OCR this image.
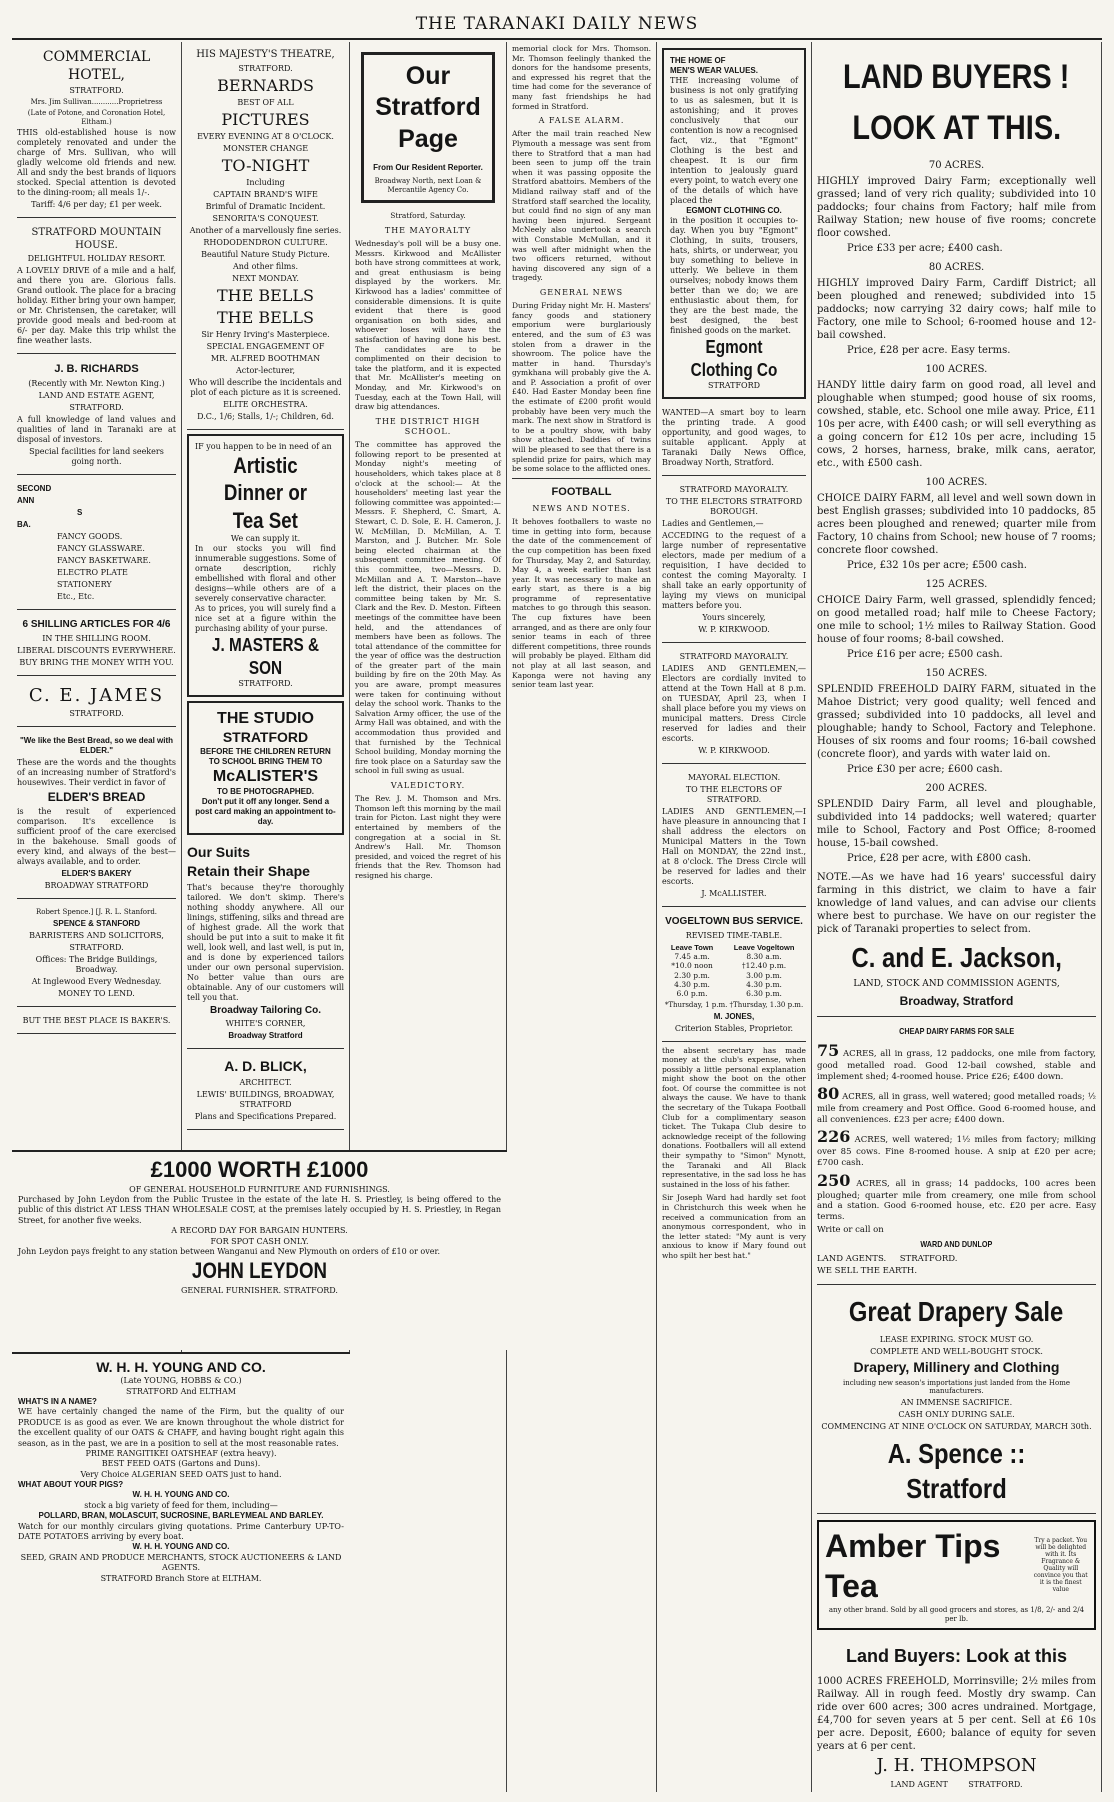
THE TARANAKI DAILY NEWS

COMMERCIAL HOTEL,

STRATFORD.

Mrs. Jim Sullivan............Proprietress

(Late of Potone, and Coronation Hotel, Eltham.)

THIS old-established house is now completely renovated and under the charge of Mrs. Sullivan, who will gladly welcome old friends and new. All and sndy the best brands of liquors stocked. Special attention is devoted to the dining-room; all meals 1/-.

Tariff: 4/6 per day; £1 per week.

STRATFORD MOUNTAIN HOUSE.

DELIGHTFUL HOLIDAY RESORT.

A LOVELY DRIVE of a mile and a half, and there you are. Glorious falls. Grand outlook. The place for a bracing holiday. Either bring your own hamper, or Mr. Christensen, the caretaker, will provide good meals and bed-room at 6/- per day. Make this trip whilst the fine weather lasts.

J. B. RICHARDS

(Recently with Mr. Newton King.)

LAND AND ESTATE AGENT,

STRATFORD.

A full knowledge of land values and qualities of land in Taranaki are at disposal of investors.

Special facilities for land seekers going north.

SECOND

ANN

S

BA.

FANCY GOODS.

FANCY GLASSWARE.

FANCY BASKETWARE.

ELECTRO PLATE

STATIONERY

Etc., Etc.

6 SHILLING ARTICLES FOR 4/6

IN THE SHILLING ROOM.

LIBERAL DISCOUNTS EVERYWHERE.

BUY BRING THE MONEY WITH YOU.

C. E. JAMES

STRATFORD.

"We like the Best Bread, so we deal with ELDER."

These are the words and the thoughts of an increasing number of Stratford's housewives. Their verdict in favor of

ELDER'S BREAD

is the result of experienced comparison. It's excellence is sufficient proof of the care exercised in the bakehouse. Small goods of every kind, and always of the best—always available, and to order.

ELDER'S BAKERY

BROADWAY STRATFORD

Robert Spence.] [J. R. L. Stanford.

SPENCE & STANFORD

BARRISTERS AND SOLICITORS,

STRATFORD.

Offices: The Bridge Buildings, Broadway.

At Inglewood Every Wednesday.

MONEY TO LEND.

BUT THE BEST PLACE IS BAKER'S.

HIS MAJESTY'S THEATRE,

STRATFORD.

BERNARDS

BEST OF ALL

PICTURES

EVERY EVENING AT 8 O'CLOCK.

MONSTER CHANGE

TO-NIGHT

Including

CAPTAIN BRAND'S WIFE

Brimful of Dramatic Incident.

SENORITA'S CONQUEST.

Another of a marvellously fine series.

RHODODENDRON CULTURE.

Beautiful Nature Study Picture.

And other films.

NEXT MONDAY.

THE BELLS

THE BELLS

Sir Henry Irving's Masterpiece.

SPECIAL ENGAGEMENT OF

MR. ALFRED BOOTHMAN

Actor-lecturer,

Who will describe the incidentals and plot of each picture as it is screened.

ELITE ORCHESTRA.

D.C., 1/6; Stalls, 1/-; Children, 6d.

IF you happen to be in need of an

Artistic Dinner or

Tea Set

We can supply it.

In our stocks you will find innumerable suggestions. Some of ornate description, richly embellished with floral and other designs—while others are of a severely conservative character.

As to prices, you will surely find a nice set at a figure within the purchasing ability of your purse.

J. MASTERS & SON

STRATFORD.

THE STUDIO

STRATFORD

BEFORE THE CHILDREN RETURN TO SCHOOL BRING THEM TO

McALISTER'S

TO BE PHOTOGRAPHED.

Don't put it off any longer. Send a post card making an appointment to-day.

Our Suits

Retain their Shape

That's because they're thoroughly tailored. We don't skimp. There's nothing shoddy anywhere. All our linings, stiffening, silks and thread are of highest grade. All the work that should be put into a suit to make it fit well, look well, and last well, is put in, and is done by experienced tailors under our own personal supervision. No better value than ours are obtainable. Any of our customers will tell you that.

Broadway Tailoring Co.

WHITE'S CORNER,

Broadway Stratford

A. D. BLICK,

ARCHITECT.

LEWIS' BUILDINGS, BROADWAY, STRATFORD

Plans and Specifications Prepared.

Our Stratford Page

From Our Resident Reporter.

Broadway North, next Loan & Mercantile Agency Co.

Stratford, Saturday.

THE MAYORALTY

Wednesday's poll will be a busy one. Messrs. Kirkwood and McAllister both have strong committees at work, and great enthusiasm is being displayed by the workers. Mr. Kirkwood has a ladies' committee of considerable dimensions. It is quite evident that there is good organisation on both sides, and whoever loses will have the satisfaction of having done his best. The candidates are to be complimented on their decision to take the platform, and it is expected that Mr. McAllister's meeting on Monday, and Mr. Kirkwood's on Tuesday, each at the Town Hall, will draw big attendances.

THE DISTRICT HIGH SCHOOL.

The committee has approved the following report to be presented at Monday night's meeting of householders, which takes place at 8 o'clock at the school:— At the householders' meeting last year the following committee was appointed:—Messrs. F. Shepherd, C. Smart, A. Stewart, C. D. Sole, E. H. Cameron, J. W. McMillan, D. McMillan, A. T. Marston, and J. Butcher. Mr. Sole being elected chairman at the subsequent committee meeting. Of this committee, two—Messrs. D. McMillan and A. T. Marston—have left the district, their places on the committee being taken by Mr. S. Clark and the Rev. D. Meston. Fifteen meetings of the committee have been held, and the attendances of members have been as follows. The total attendance of the committee for the year of office was the destruction of the greater part of the main building by fire on the 20th May. As you are aware, prompt measures were taken for continuing without delay the school work. Thanks to the Salvation Army officer, the use of the Army Hall was obtained, and with the accommodation thus provided and that furnished by the Technical School building, Monday morning the fire took place on a Saturday saw the school in full swing as usual.

VALEDICTORY.

The Rev. J. M. Thomson and Mrs. Thomson left this morning by the mail train for Picton. Last night they were entertained by members of the congregation at a social in St. Andrew's Hall. Mr. Thomson presided, and voiced the regret of his friends that the Rev. Thomson had resigned his charge.

memorial clock for Mrs. Thomson. Mr. Thomson feelingly thanked the donors for the handsome presents, and expressed his regret that the time had come for the severance of many fast friendships he had formed in Stratford.

A FALSE ALARM.

After the mail train reached New Plymouth a message was sent from there to Stratford that a man had been seen to jump off the train when it was passing opposite the Stratford abattoirs. Members of the Midland railway staff and of the Stratford staff searched the locality, but could find no sign of any man having been injured. Sergeant McNeely also undertook a search with Constable McMullan, and it was well after midnight when the two officers returned, without having discovered any sign of a tragedy.

GENERAL NEWS

During Friday night Mr. H. Masters' fancy goods and stationery emporium were burglariously entered, and the sum of £3 was stolen from a drawer in the showroom. The police have the matter in hand. Thursday's gymkhana will probably give the A. and P. Association a profit of over £40. Had Easter Monday been fine the estimate of £200 profit would probably have been very much the mark. The next show in Stratford is to be a poultry show, with baby show attached. Daddies of twins will be pleased to see that there is a splendid prize for pairs, which may be some solace to the afflicted ones.

FOOTBALL

NEWS AND NOTES.

It behoves footballers to waste no time in getting into form, because the date of the commencement of the cup competition has been fixed for Thursday, May 2, and Saturday, May 4, a week earlier than last year. It was necessary to make an early start, as there is a big programme of representative matches to go through this season. The cup fixtures have been arranged, and as there are only four senior teams in each of three different competitions, three rounds will probably be played. Eltham did not play at all last season, and Kaponga were not having any senior team last year.

THE HOME OF

MEN'S WEAR VALUES.

THE increasing volume of business is not only gratifying to us as salesmen, but it is astonishing; and it proves conclusively that our contention is now a recognised fact, viz., that "Egmont" Clothing is the best and cheapest. It is our firm intention to jealously guard every point, to watch every one of the details of which have placed the

EGMONT CLOTHING CO.

in the position it occupies to-day. When you buy "Egmont" Clothing, in suits, trousers, hats, shirts, or underwear, you buy something to believe in utterly. We believe in them ourselves; nobody knows them better than we do; we are enthusiastic about them, for they are the best made, the best designed, the best finished goods on the market.

Egmont Clothing Co

STRATFORD

WANTED—A smart boy to learn the printing trade. A good opportunity, and good wages, to suitable applicant. Apply at Taranaki Daily News Office, Broadway North, Stratford.

STRATFORD MAYORALTY.

TO THE ELECTORS STRATFORD BOROUGH.

Ladies and Gentlemen,—

ACCEDING to the request of a large number of representative electors, made per medium of a requisition, I have decided to contest the coming Mayoralty. I shall take an early opportunity of laying my views on municipal matters before you.

Yours sincerely,

W. P. KIRKWOOD.

STRATFORD MAYORALTY.

LADIES AND GENTLEMEN,—Electors are cordially invited to attend at the Town Hall at 8 p.m. on TUESDAY, April 23, when I shall place before you my views on municipal matters. Dress Circle reserved for ladies and their escorts.

W. P. KIRKWOOD.

MAYORAL ELECTION.

TO THE ELECTORS OF STRATFORD.

LADIES AND GENTLEMEN,—I have pleasure in announcing that I shall address the electors on Municipal Matters in the Town Hall on MONDAY, the 22nd inst., at 8 o'clock. The Dress Circle will be reserved for ladies and their escorts.

J. McALLISTER.

VOGELTOWN BUS SERVICE.

REVISED TIME-TABLE.

Leave Town	Leave Vogeltown
7.45 a.m.	8.30 a.m.
*10.0 noon	†12.40 p.m.
2.30 p.m.	3.00 p.m.
4.30 p.m.	4.30 p.m.
6.0 p.m.	6.30 p.m.

*Thursday, 1 p.m. †Thursday, 1.30 p.m.

M. JONES,

Criterion Stables, Proprietor.

the absent secretary has made money at the club's expense, when possibly a little personal explanation might show the boot on the other foot. Of course the committee is not always the cause. We have to thank the secretary of the Tukapa Football Club for a complimentary season ticket. The Tukapa Club desire to acknowledge receipt of the following donations. Footballers will all extend their sympathy to "Simon" Mynott, the Taranaki and All Black representative, in the sad loss he has sustained in the loss of his father.

Sir Joseph Ward had hardly set foot in Christchurch this week when he received a communication from an anonymous correspondent, who in the letter stated: "My aunt is very anxious to know if Mary found out who spilt her best hat."

LAND BUYERS !

LOOK AT THIS.

70 ACRES.

HIGHLY improved Dairy Farm; exceptionally well grassed; land of very rich quality; subdivided into 10 paddocks; four chains from Factory; half mile from Railway Station; new house of five rooms; concrete floor cowshed.

Price £33 per acre; £400 cash.

80 ACRES.

HIGHLY improved Dairy Farm, Cardiff District; all been ploughed and renewed; subdivided into 15 paddocks; now carrying 32 dairy cows; half mile to Factory, one mile to School; 6-roomed house and 12-bail cowshed.

Price, £28 per acre. Easy terms.

100 ACRES.

HANDY little dairy farm on good road, all level and ploughable when stumped; good house of six rooms, cowshed, stable, etc. School one mile away. Price, £11 10s per acre, with £400 cash; or will sell everything as a going concern for £12 10s per acre, including 15 cows, 2 horses, harness, brake, milk cans, aerator, etc., with £500 cash.

100 ACRES.

CHOICE DAIRY FARM, all level and well sown down in best English grasses; subdivided into 10 paddocks, 85 acres been ploughed and renewed; quarter mile from Factory, 10 chains from School; new house of 7 rooms; concrete floor cowshed.

Price, £32 10s per acre; £500 cash.

125 ACRES.

CHOICE Dairy Farm, well grassed, splendidly fenced; on good metalled road; half mile to Cheese Factory; one mile to school; 1½ miles to Railway Station. Good house of four rooms; 8-bail cowshed.

Price £16 per acre; £500 cash.

150 ACRES.

SPLENDID FREEHOLD DAIRY FARM, situated in the Mahoe District; very good quality; well fenced and grassed; subdivided into 10 paddocks, all level and ploughable; handy to School, Factory and Telephone. Houses of six rooms and four rooms; 16-bail cowshed (concrete floor), and yards with water laid on.

Price £30 per acre; £600 cash.

200 ACRES.

SPLENDID Dairy Farm, all level and ploughable, subdivided into 14 paddocks; well watered; quarter mile to School, Factory and Post Office; 8-roomed house, 15-bail cowshed.

Price, £28 per acre, with £800 cash.

NOTE.—As we have had 16 years' successful dairy farming in this district, we claim to have a fair knowledge of land values, and can advise our clients where best to purchase. We have on our register the pick of Taranaki properties to select from.

C. and E. Jackson,

LAND, STOCK AND COMMISSION AGENTS,

Broadway, Stratford

CHEAP DAIRY FARMS FOR SALE

75 ACRES, all in grass, 12 paddocks, one mile from factory, good metalled road. Good 12-bail cowshed, stable and implement shed; 4-roomed house. Price £26; £400 down.

80 ACRES, all in grass, well watered; good metalled roads; ½ mile from creamery and Post Office. Good 6-roomed house, and all conveniences. £23 per acre; £400 down.

226 ACRES, well watered; 1½ miles from factory; milking over 85 cows. Fine 8-roomed house. A snip at £20 per acre; £700 cash.

250 ACRES, all in grass; 14 paddocks, 100 acres been ploughed; quarter mile from creamery, one mile from school and a station. Good 6-roomed house, etc. £20 per acre. Easy terms.

Write or call on

WARD AND DUNLOP

LAND AGENTS. STRATFORD.

WE SELL THE EARTH.

Great Drapery Sale

LEASE EXPIRING. STOCK MUST GO.

COMPLETE AND WELL-BOUGHT STOCK.

Drapery, Millinery and Clothing

including new season's importations just landed from the Home manufacturers.

AN IMMENSE SACRIFICE.

CASH ONLY DURING SALE.

COMMENCING AT NINE O'CLOCK ON SATURDAY, MARCH 30th.

A. Spence :: Stratford

Amber Tips Tea
Try a packet. You will be delighted with it. Its Fragrance & Quality will convince you that it is the finest value

any other brand. Sold by all good grocers and stores, as 1/8, 2/- and 2/4 per lb.

Land Buyers: Look at this

1000 ACRES FREEHOLD, Morrinsville; 2½ miles from Railway. All in rough feed. Mostly dry swamp. Can ride over 600 acres; 300 acres undrained. Mortgage, £4,700 for seven years at 5 per cent. Sell at £6 10s per acre. Deposit, £600; balance of equity for seven years at 6 per cent.

J. H. THOMPSON

LAND AGENT	STRATFORD.

£1000 WORTH £1000

OF GENERAL HOUSEHOLD FURNITURE AND FURNISHINGS.

Purchased by John Leydon from the Public Trustee in the estate of the late H. S. Priestley, is being offered to the public of this district AT LESS THAN WHOLESALE COST, at the premises lately occupied by H. S. Priestley, in Regan Street, for another five weeks.

A RECORD DAY FOR BARGAIN HUNTERS.

FOR SPOT CASH ONLY.

John Leydon pays freight to any station between Wanganui and New Plymouth on orders of £10 or over.

JOHN LEYDON

GENERAL FURNISHER. STRATFORD.

W. H. H. YOUNG AND CO.

(Late YOUNG, HOBBS & CO.)

STRATFORD And ELTHAM

WHAT'S IN A NAME?

WE have certainly changed the name of the Firm, but the quality of our PRODUCE is as good as ever. We are known throughout the whole district for the excellent quality of our OATS & CHAFF, and having bought right again this season, as in the past, we are in a position to sell at the most reasonable rates.

PRIME RANGITIKEI OATSHEAF (extra heavy).

BEST FEED OATS (Gartons and Duns).

Very Choice ALGERIAN SEED OATS just to hand.

WHAT ABOUT YOUR PIGS?

W. H. H. YOUNG AND CO.

stock a big variety of feed for them, including—

POLLARD, BRAN, MOLASCUIT, SUCROSINE, BARLEYMEAL AND BARLEY.

Watch for our monthly circulars giving quotations. Prime Canterbury UP-TO-DATE POTATOES arriving by every boat.

W. H. H. YOUNG AND CO.

SEED, GRAIN AND PRODUCE MERCHANTS, STOCK AUCTIONEERS & LAND AGENTS.

STRATFORD Branch Store at ELTHAM.
